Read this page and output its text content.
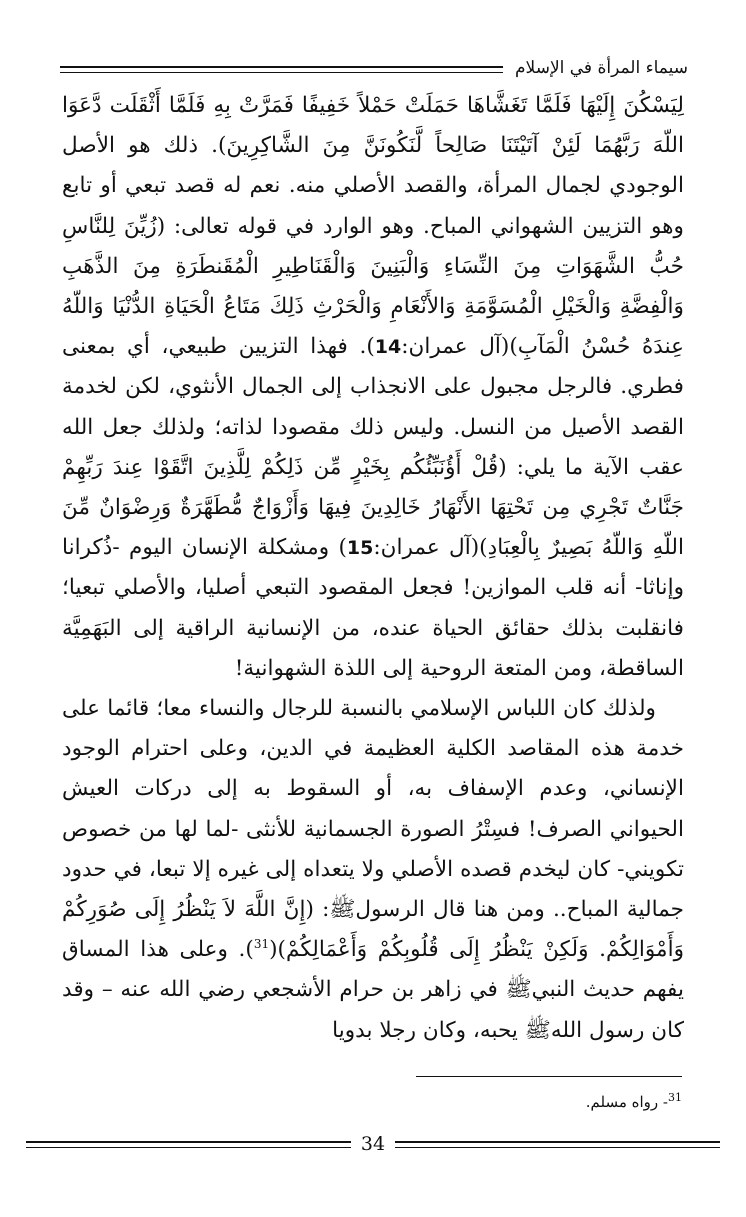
سيماء المرأة في الإسلام

لِيَسْكُنَ إِلَيْهَا فَلَمَّا تَغَشَّاهَا حَمَلَتْ حَمْلاً خَفِيفًا فَمَرَّتْ بِهِ فَلَمَّا أَثْقَلَت دَّعَوَا اللّهَ رَبَّهُمَا لَئِنْ آتَيْتَنَا صَالِحاً لَّنَكُونَنَّ مِنَ الشَّاكِرِينَ). ذلك هو الأصل الوجودي لجمال المرأة، والقصد الأصلي منه. نعم له قصد تبعي أو تابع وهو التزيين الشهواني المباح. وهو الوارد في قوله تعالى: (زُيِّنَ لِلنَّاسِ حُبُّ الشَّهَوَاتِ مِنَ النِّسَاءِ وَالْبَنِينَ وَالْقَنَاطِيرِ الْمُقَنطَرَةِ مِنَ الذَّهَبِ وَالْفِضَّةِ وَالْخَيْلِ الْمُسَوَّمَةِ وَالأَنْعَامِ وَالْحَرْثِ ذَلِكَ مَتَاعُ الْحَيَاةِ الدُّنْيَا وَاللّهُ عِندَهُ حُسْنُ الْمَآبِ)(آل عمران:14). فهذا التزيين طبيعي، أي بمعنى فطري. فالرجل مجبول على الانجذاب إلى الجمال الأنثوي، لكن لخدمة القصد الأصيل من النسل. وليس ذلك مقصودا لذاته؛ ولذلك جعل الله عقب الآية ما يلي: (قُلْ أَؤُنَبِّئُكُم بِخَيْرٍ مِّن ذَلِكُمْ لِلَّذِينَ اتَّقَوْا عِندَ رَبِّهِمْ جَنَّاتٌ تَجْرِي مِن تَحْتِهَا الأَنْهَارُ خَالِدِينَ فِيهَا وَأَزْوَاجٌ مُّطَهَّرَةٌ وَرِضْوَانٌ مِّنَ اللّهِ وَاللّهُ بَصِيرٌ بِالْعِبَادِ)(آل عمران:15) ومشكلة الإنسان اليوم -ذُكرانا وإناثا- أنه قلب الموازين! فجعل المقصود التبعي أصليا، والأصلي تبعيا؛ فانقلبت بذلك حقائق الحياة عنده، من الإنسانية الراقية إلى البَهَمِيَّة الساقطة، ومن المتعة الروحية إلى اللذة الشهوانية!

ولذلك كان اللباس الإسلامي بالنسبة للرجال والنساء معا؛ قائما على خدمة هذه المقاصد الكلية العظيمة في الدين، وعلى احترام الوجود الإنساني، وعدم الإسفاف به، أو السقوط به إلى دركات العيش الحيواني الصرف! فسِتْرُ الصورة الجسمانية للأنثى -لما لها من خصوص تكويني- كان ليخدم قصده الأصلي ولا يتعداه إلى غيره إلا تبعا، في حدود جمالية المباح.. ومن هنا قال الرسولﷺ: (إِنَّ اللَّهَ لاَ يَنْظُرُ إِلَى صُوَرِكُمْ وَأَمْوَالِكُمْ. وَلَكِنْ يَنْظُرُ إِلَى قُلُوبِكُمْ وَأَعْمَالِكُمْ)($^{31}$). وعلى هذا المساق يفهم حديث النبيﷺ في زاهر بن حرام الأشجعي رضي الله عنه – وقد كان رسول اللهﷺ يحبه، وكان رجلا بدويا

$^{31}$- رواه مسلم.
34
